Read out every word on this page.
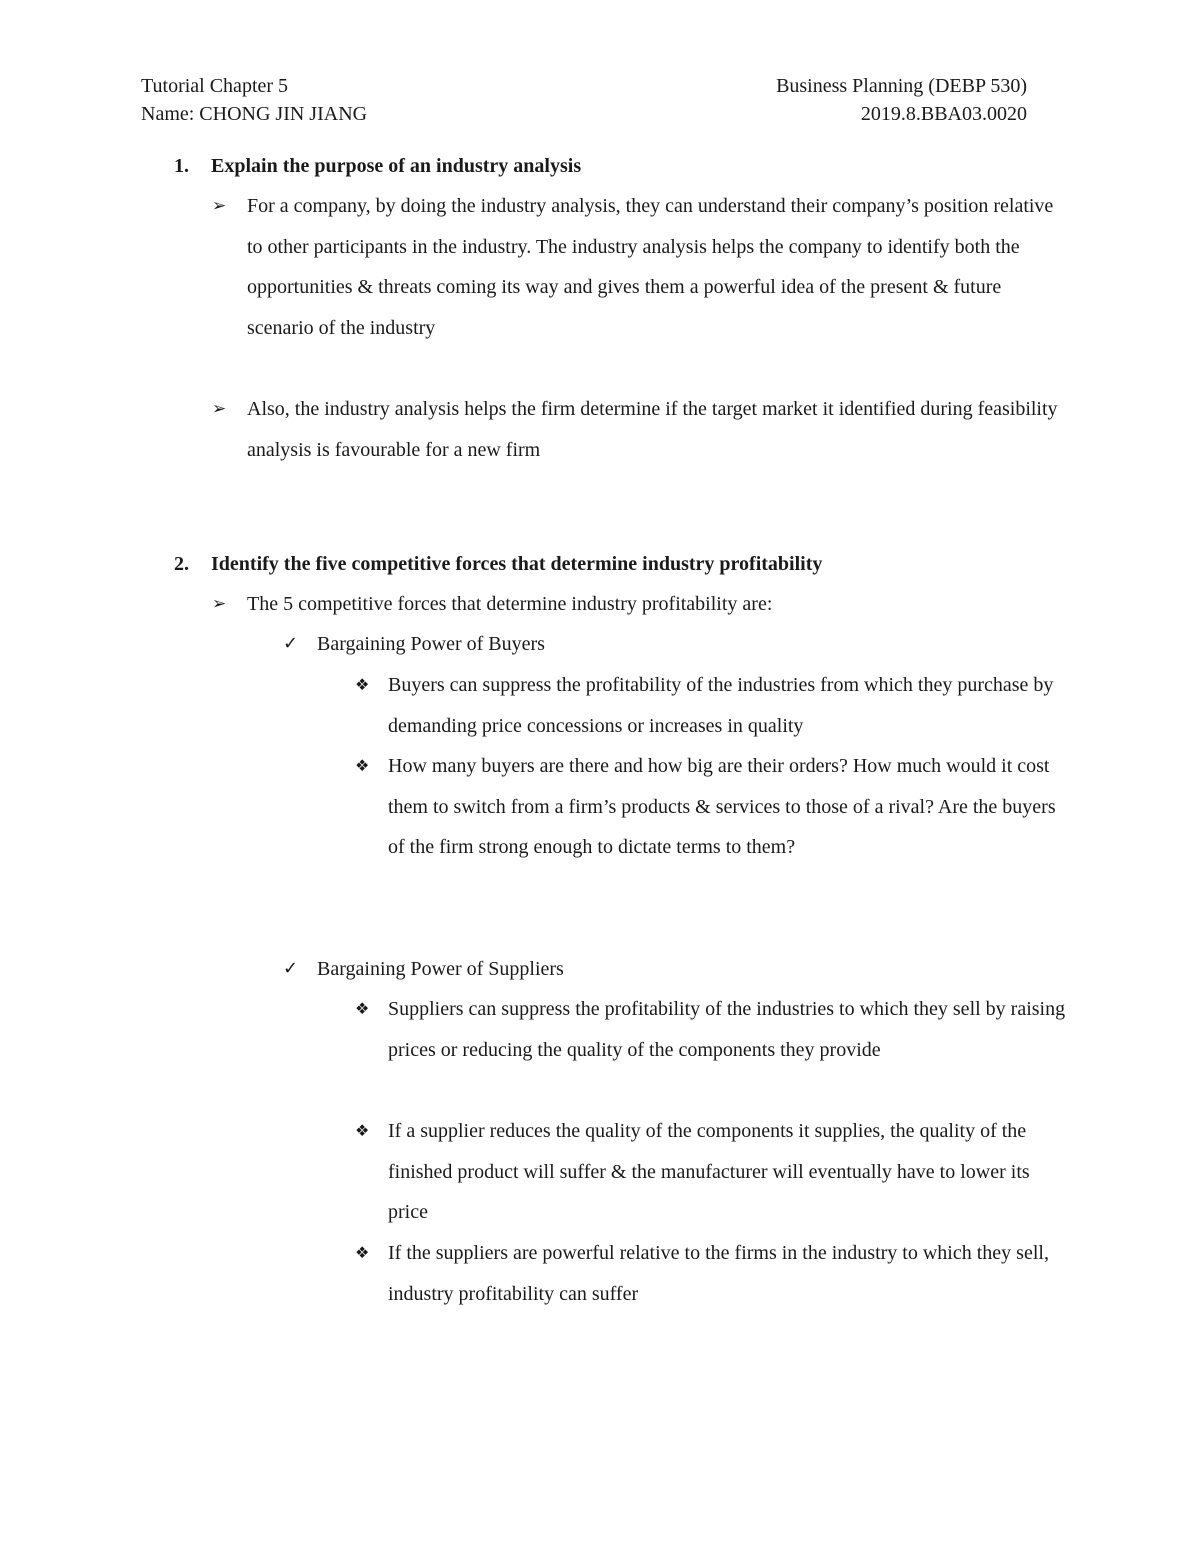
Tutorial Chapter 5
Name: CHONG JIN JIANG
Business Planning (DEBP 530)
2019.8.BBA03.0020
1. Explain the purpose of an industry analysis
➢ For a company, by doing the industry analysis, they can understand their company’s position relative to other participants in the industry. The industry analysis helps the company to identify both the opportunities & threats coming its way and gives them a powerful idea of the present & future scenario of the industry
➢ Also, the industry analysis helps the firm determine if the target market it identified during feasibility analysis is favourable for a new firm
2. Identify the five competitive forces that determine industry profitability
➢ The 5 competitive forces that determine industry profitability are:
✓ Bargaining Power of Buyers
❖ Buyers can suppress the profitability of the industries from which they purchase by demanding price concessions or increases in quality
❖ How many buyers are there and how big are their orders? How much would it cost them to switch from a firm’s products & services to those of a rival? Are the buyers of the firm strong enough to dictate terms to them?
✓ Bargaining Power of Suppliers
❖ Suppliers can suppress the profitability of the industries to which they sell by raising prices or reducing the quality of the components they provide
❖ If a supplier reduces the quality of the components it supplies, the quality of the finished product will suffer & the manufacturer will eventually have to lower its price
❖ If the suppliers are powerful relative to the firms in the industry to which they sell, industry profitability can suffer
